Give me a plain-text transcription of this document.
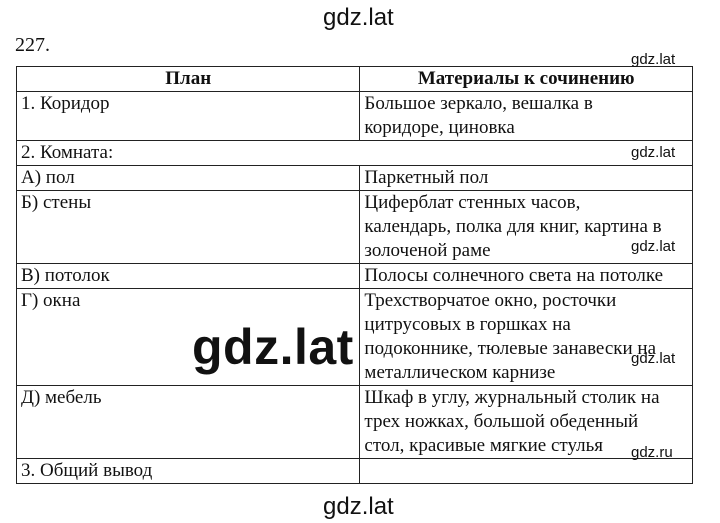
gdz.lat
227.
План	Материалы к сочинению
1. Коридор	Большое зеркало, вешалка в
коридоре, циновка

2. Комната:	
А) пол	Паркетный пол

Б) стены	Циферблат стенных часов,
календарь, полка для книг, картина в
золоченой раме

В) потолок	Полосы солнечного света на потолке

Г) окна	Трехстворчатое окно, росточки
цитрусовых в горшках на
подоконнике, тюлевые занавески на
металлическом карнизе

Д) мебель	Шкаф в углу, журнальный столик на
трех ножках, большой обеденный
стол, красивые мягкие стулья

3. Общий вывод	
gdz.lat
gdz.lat
gdz.lat
gdz.lat
gdz.ru
gdz.lat
gdz.lat
